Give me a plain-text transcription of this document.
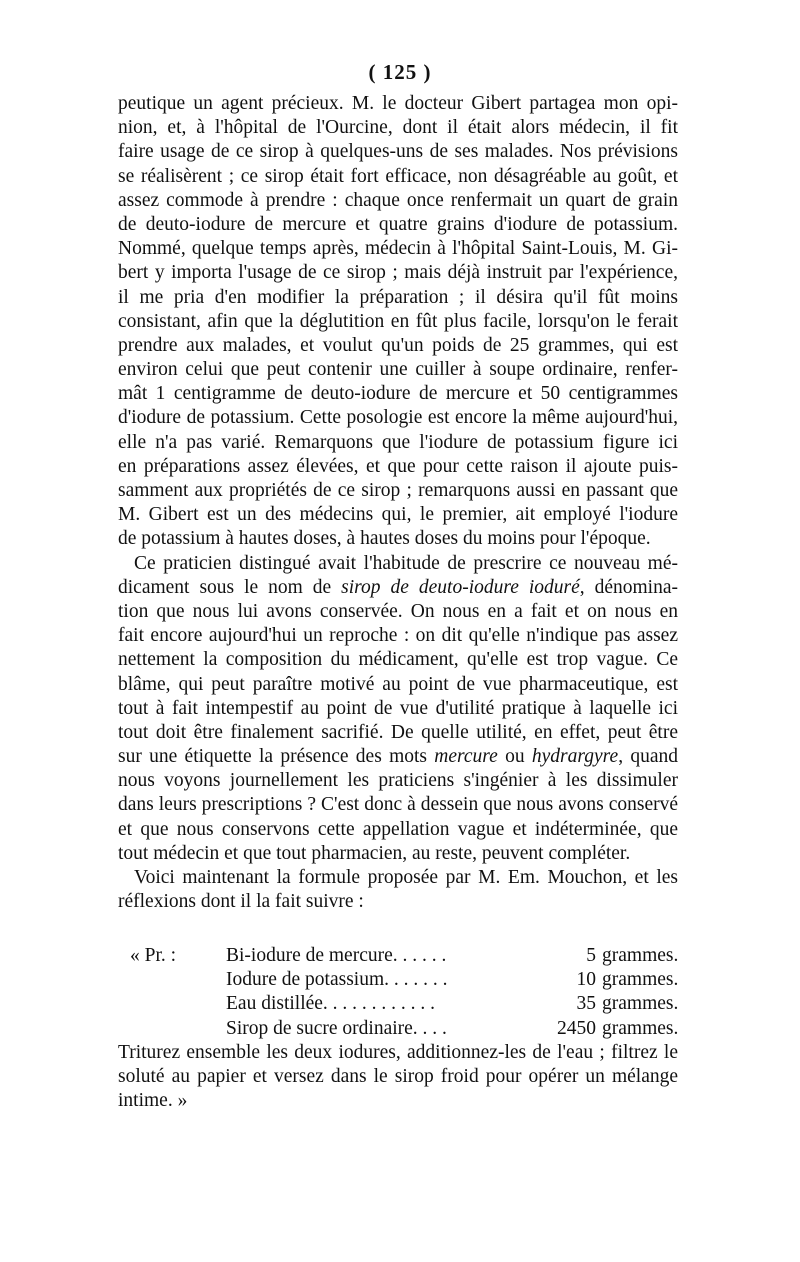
( 125 )
peutique un agent précieux. M. le docteur Gibert partagea mon opi-
nion, et, à l'hôpital de l'Ourcine, dont il était alors médecin, il fit
faire usage de ce sirop à quelques-uns de ses malades. Nos prévisions
se réalisèrent ; ce sirop était fort efficace, non désagréable au goût, et
assez commode à prendre : chaque once renfermait un quart de grain
de deuto-iodure de mercure et quatre grains d'iodure de potassium.
Nommé, quelque temps après, médecin à l'hôpital Saint-Louis, M. Gi-
bert y importa l'usage de ce sirop ; mais déjà instruit par l'expérience,
il me pria d'en modifier la préparation ; il désira qu'il fût moins
consistant, afin que la déglutition en fût plus facile, lorsqu'on le ferait
prendre aux malades, et voulut qu'un poids de 25 grammes, qui est
environ celui que peut contenir une cuiller à soupe ordinaire, renfer-
mât 1 centigramme de deuto-iodure de mercure et 50 centigrammes
d'iodure de potassium. Cette posologie est encore la même aujourd'hui,
elle n'a pas varié. Remarquons que l'iodure de potassium figure ici
en préparations assez élevées, et que pour cette raison il ajoute puis-
samment aux propriétés de ce sirop ; remarquons aussi en passant que
M. Gibert est un des médecins qui, le premier, ait employé l'iodure
de potassium à hautes doses, à hautes doses du moins pour l'époque.
Ce praticien distingué avait l'habitude de prescrire ce nouveau mé-
dicament sous le nom de sirop de deuto-iodure ioduré, dénomina-
tion que nous lui avons conservée. On nous en a fait et on nous en
fait encore aujourd'hui un reproche : on dit qu'elle n'indique pas assez
nettement la composition du médicament, qu'elle est trop vague. Ce
blâme, qui peut paraître motivé au point de vue pharmaceutique, est
tout à fait intempestif au point de vue d'utilité pratique à laquelle ici
tout doit être finalement sacrifié. De quelle utilité, en effet, peut être
sur une étiquette la présence des mots mercure ou hydrargyre, quand
nous voyons journellement les praticiens s'ingénier à les dissimuler
dans leurs prescriptions ? C'est donc à dessein que nous avons conservé
et que nous conservons cette appellation vague et indéterminée, que
tout médecin et que tout pharmacien, au reste, peuvent compléter.
Voici maintenant la formule proposée par M. Em. Mouchon, et les
réflexions dont il la fait suivre :
« Pr. :	Bi-iodure de mercure. . . . . .	5 grammes.
Iodure de potassium. . . . . . .	10 grammes.
Eau distillée. . . . . . . . . . . .	35 grammes.
Sirop de sucre ordinaire. . . .	2450 grammes.
Triturez ensemble les deux iodures, additionnez-les de l'eau ; filtrez le
soluté au papier et versez dans le sirop froid pour opérer un mélange
intime. »
